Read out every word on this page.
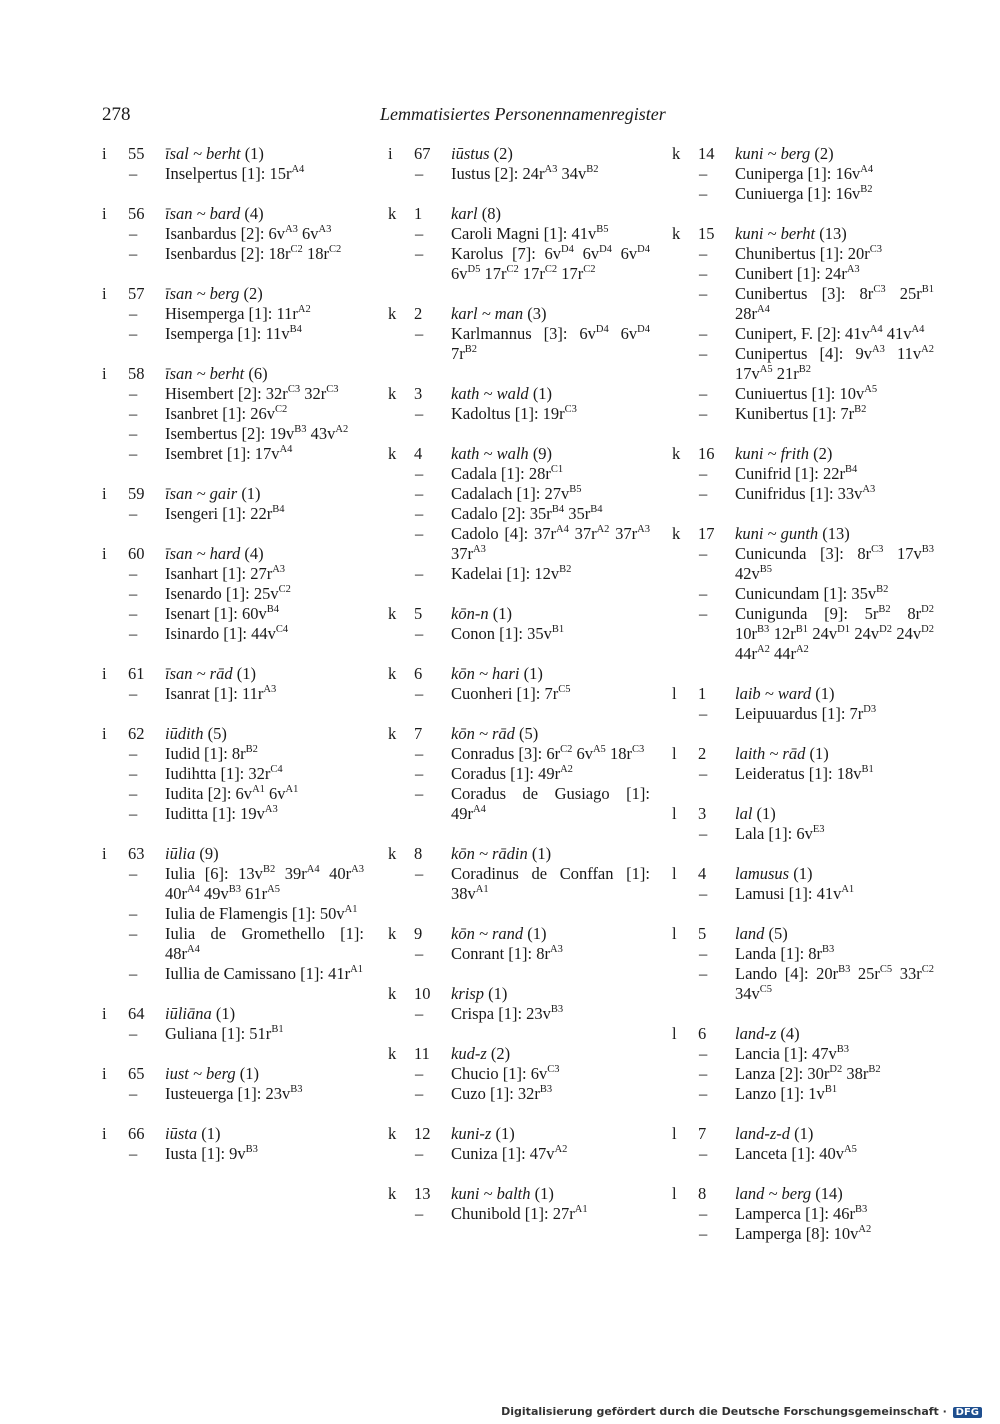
278	Lemmatisiertes Personennamenregister
i 55 īsal ~ berht (1)
– Inselpertus [1]: $15r^{A4}$
i 56 īsan ~ bard (4)
– Isanbardus [2]: $6v^{A3}$ $6v^{A3}$
– Isenbardus [2]: $18r^{C2}$ $18r^{C2}$
i 57 īsan ~ berg (2)
– Hisemperga [1]: $11r^{A2}$
– Isemperga [1]: $11v^{B4}$
i 58 īsan ~ berht (6)
– Hisembert [2]: $32r^{C3}$ $32r^{C3}$
– Isanbret [1]: $26v^{C2}$
– Isembertus [2]: $19v^{B3}$ $43v^{A2}$
– Isembret [1]: $17v^{A4}$
i 59 īsan ~ gair (1)
– Isengeri [1]: $22r^{B4}$
i 60 īsan ~ hard (4)
– Isanhart [1]: $27r^{A3}$
– Isenardo [1]: $25v^{C2}$
– Isenart [1]: $60v^{B4}$
– Isinardo [1]: $44v^{C4}$
i 61 īsan ~ rād (1)
– Isanrat [1]: $11r^{A3}$
i 62 iūdith (5)
– Iudid [1]: $8r^{B2}$
– Iudihtta [1]: $32r^{C4}$
– Iudita [2]: $6v^{A1}$ $6v^{A1}$
– Iuditta [1]: $19v^{A3}$
i 63 iūlia (9)
– Iulia [6]: $13v^{B2}$ $39r^{A4}$ $40r^{A3}$ $40r^{A4}$ $49v^{B3}$ $61r^{A5}$
– Iulia de Flamengis [1]: $50v^{A1}$
– Iulia de Gromethello [1]: $48r^{A4}$
– Iullia de Camissano [1]: $41r^{A1}$
i 64 iūliāna (1)
– Guliana [1]: $51r^{B1}$
i 65 iust ~ berg (1)
– Iusteuerga [1]: $23v^{B3}$
i 66 iūsta (1)
– Iusta [1]: $9v^{B3}$
i 67 iūstus (2)
– Iustus [2]: $24r^{A3}$ $34v^{B2}$
k 1 karl (8)
– Caroli Magni [1]: $41v^{B5}$
– Karolus [7]: $6v^{D4}$ $6v^{D4}$ $6v^{D4}$ $6v^{D5}$ $17r^{C2}$ $17r^{C2}$ $17r^{C2}$
k 2 karl ~ man (3)
– Karlmannus [3]: $6v^{D4}$ $6v^{D4}$ $7r^{B2}$
k 3 kath ~ wald (1)
– Kadoltus [1]: $19r^{C3}$
k 4 kath ~ walh (9)
– Cadala [1]: $28r^{C1}$
– Cadalach [1]: $27v^{B5}$
– Cadalo [2]: $35r^{B4}$ $35r^{B4}$
– Cadolo [4]: $37r^{A4}$ $37r^{A2}$ $37r^{A3}$ $37r^{A3}$
– Kadelai [1]: $12v^{B2}$
k 5 kōn-n (1)
– Conon [1]: $35v^{B1}$
k 6 kōn ~ hari (1)
– Cuonheri [1]: $7r^{C5}$
k 7 kōn ~ rād (5)
– Conradus [3]: $6r^{C2}$ $6v^{A5}$ $18r^{C3}$
– Coradus [1]: $49r^{A2}$
– Coradus de Gusiago [1]: $49r^{A4}$
k 8 kōn ~ rādin (1)
– Coradinus de Conffan [1]: $38v^{A1}$
k 9 kōn ~ rand (1)
– Conrant [1]: $8r^{A3}$
k 10 krisp (1)
– Crispa [1]: $23v^{B3}$
k 11 kud-z (2)
– Chucio [1]: $6v^{C3}$
– Cuzo [1]: $32r^{B3}$
k 12 kuni-z (1)
– Cuniza [1]: $47v^{A2}$
k 13 kuni ~ balth (1)
– Chunibold [1]: $27r^{A1}$
k 14 kuni ~ berg (2)
– Cuniperga [1]: $16v^{A4}$
– Cuniuerga [1]: $16v^{B2}$
k 15 kuni ~ berht (13)
– Chunibertus [1]: $20r^{C3}$
– Cunibert [1]: $24r^{A3}$
– Cunibertus [3]: $8r^{C3}$ $25r^{B1}$ $28r^{A4}$
– Cunipert, F. [2]: $41v^{A4}$ $41v^{A4}$
– Cunipertus [4]: $9v^{A3}$ $11v^{A2}$ $17v^{A5}$ $21r^{B2}$
– Cuniuertus [1]: $10v^{A5}$
– Kunibertus [1]: $7r^{B2}$
k 16 kuni ~ frith (2)
– Cunifrid [1]: $22r^{B4}$
– Cunifridus [1]: $33v^{A3}$
k 17 kuni ~ gunth (13)
– Cunicunda [3]: $8r^{C3}$ $17v^{B3}$ $42v^{B5}$
– Cunicundam [1]: $35v^{B2}$
– Cunigunda [9]: $5r^{B2}$ $8r^{D2}$ $10r^{B3}$ $12r^{B1}$ $24v^{D1}$ $24v^{D2}$ $24v^{D2}$ $44r^{A2}$ $44r^{A2}$
l 1 laib ~ ward (1)
– Leipuuardus [1]: $7r^{D3}$
l 2 laith ~ rād (1)
– Leideratus [1]: $18v^{B1}$
l 3 lal (1)
– Lala [1]: $6v^{E3}$
l 4 lamusus (1)
– Lamusi [1]: $41v^{A1}$
l 5 land (5)
– Landa [1]: $8r^{B3}$
– Lando [4]: $20r^{B3}$ $25r^{C5}$ $33r^{C2}$ $34v^{C5}$
l 6 land-z (4)
– Lancia [1]: $47v^{B3}$
– Lanza [2]: $30r^{D2}$ $38r^{B2}$
– Lanzo [1]: $1v^{B1}$
l 7 land-z-d (1)
– Lanceta [1]: $40v^{A5}$
l 8 land ~ berg (14)
– Lamperca [1]: $46r^{B3}$
– Lamperga [8]: $10v^{A2}$
Digitalisierung gefördert durch die Deutsche Forschungsgemeinschaft · DFG
